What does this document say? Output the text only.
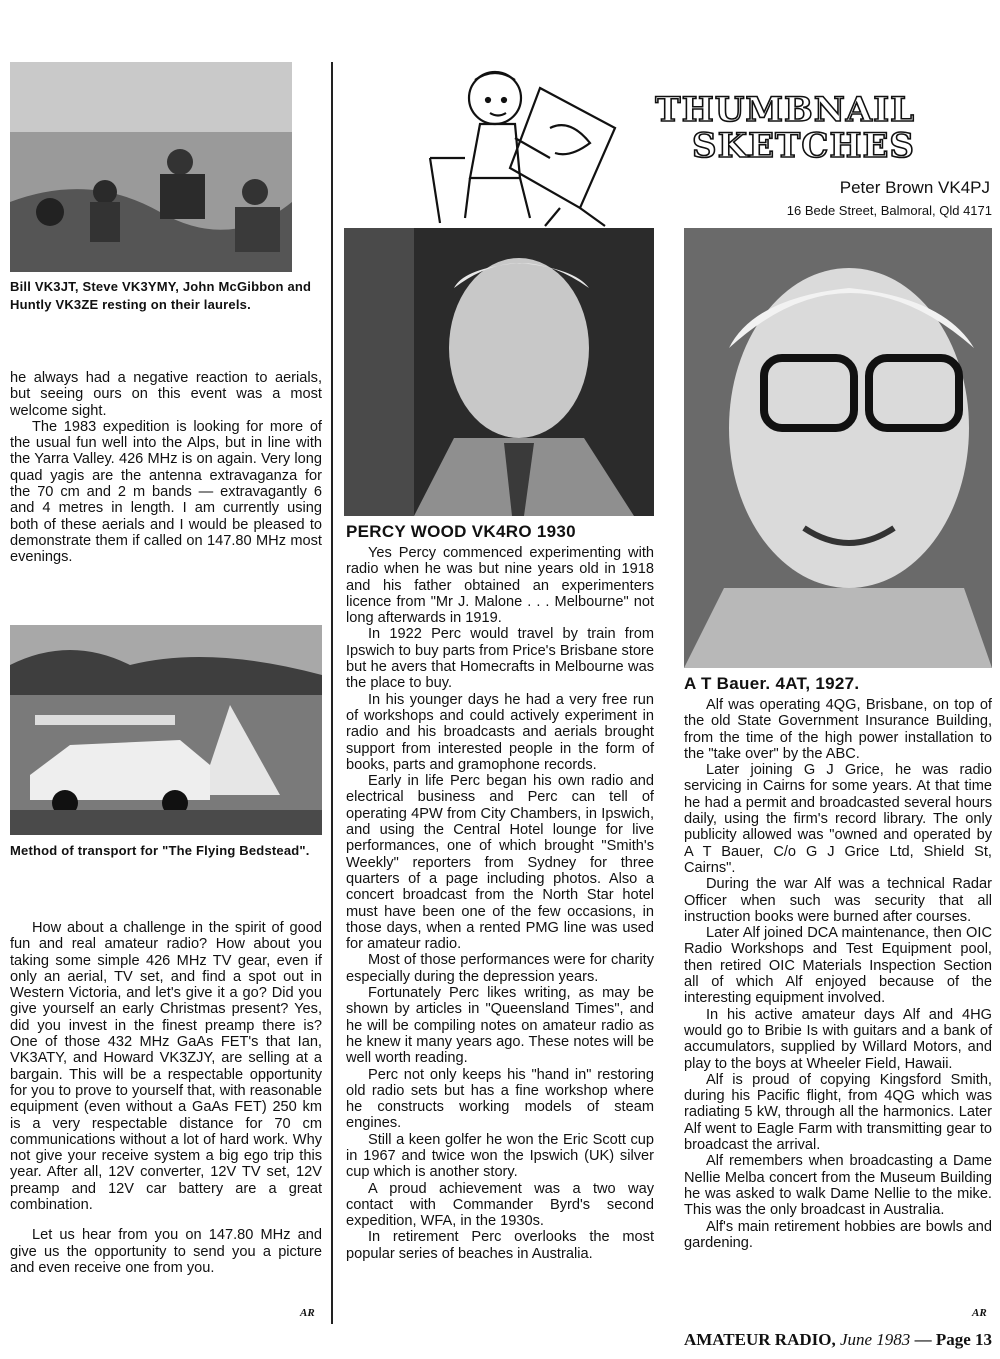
Bill VK3JT, Steve VK3YMY, John McGibbon and Huntly VK3ZE resting on their laurels.

he always had a negative reaction to aerials, but seeing ours on this event was a most welcome sight.

The 1983 expedition is looking for more of the usual fun well into the Alps, but in line with the Yarra Valley. 426 MHz is on again. Very long quad yagis are the antenna extravaganza for the 70 cm and 2 m bands — extravagantly 6 and 4 metres in length. I am currently using both of these aerials and I would be pleased to demonstrate them if called on 147.80 MHz most evenings.

Method of transport for "The Flying Bedstead".

How about a challenge in the spirit of good fun and real amateur radio? How about you taking some simple 426 MHz TV gear, even if only an aerial, TV set, and find a spot out in Western Victoria, and let's give it a go? Did you give yourself an early Christmas present? Yes, did you invest in the finest preamp there is? One of those 432 MHz GaAs FET's that Ian, VK3ATY, and Howard VK3ZJY, are selling at a bargain. This will be a respectable opportunity for you to prove to yourself that, with reasonable equipment (even without a GaAs FET) 250 km is a very respectable distance for 70 cm communications without a lot of hard work. Why not give your receive system a big ego trip this year. After all, 12V converter, 12V TV set, 12V preamp and 12V car battery are a great combination.

Let us hear from you on 147.80 MHz and give us the opportunity to send you a picture and even receive one from you.

AR
THUMBNAIL
SKETCHES
Peter Brown VK4PJ
16 Bede Street, Balmoral, Qld 4171
PERCY WOOD VK4RO 1930

Yes Percy commenced experimenting with radio when he was but nine years old in 1918 and his father obtained an experimenters licence from "Mr J. Malone . . . Melbourne" not long afterwards in 1919.

In 1922 Perc would travel by train from Ipswich to buy parts from Price's Brisbane store but he avers that Homecrafts in Melbourne was the place to buy.

In his younger days he had a very free run of workshops and could actively experiment in radio and his broadcasts and aerials brought support from interested people in the form of books, parts and gramophone records.

Early in life Perc began his own radio and electrical business and Perc can tell of operating 4PW from City Chambers, in Ipswich, and using the Central Hotel lounge for live performances, one of which brought "Smith's Weekly" reporters from Sydney for three quarters of a page including photos. Also a concert broadcast from the North Star hotel must have been one of the few occasions, in those days, when a rented PMG line was used for amateur radio.

Most of those performances were for charity especially during the depression years.

Fortunately Perc likes writing, as may be shown by articles in "Queensland Times", and he will be compiling notes on amateur radio as he knew it many years ago. These notes will be well worth reading.

Perc not only keeps his "hand in" restoring old radio sets but has a fine workshop where he constructs working models of steam engines.

Still a keen golfer he won the Eric Scott cup in 1967 and twice won the Ipswich (UK) silver cup which is another story.

A proud achievement was a two way contact with Commander Byrd's second expedition, WFA, in the 1930s.

In retirement Perc overlooks the most popular series of beaches in Australia.

A T Bauer. 4AT, 1927.

Alf was operating 4QG, Brisbane, on top of the old State Government Insurance Building, from the time of the high power installation to the "take over" by the ABC.

Later joining G J Grice, he was radio servicing in Cairns for some years. At that time he had a permit and broadcasted several hours daily, using the firm's record library. The only publicity allowed was "owned and operated by A T Bauer, C/o G J Grice Ltd, Shield St, Cairns".

During the war Alf was a technical Radar Officer when such was security that all instruction books were burned after courses.

Later Alf joined DCA maintenance, then OIC Radio Workshops and Test Equipment pool, then retired OIC Materials Inspection Section all of which Alf enjoyed because of the interesting equipment involved.

In his active amateur days Alf and 4HG would go to Bribie Is with guitars and a bank of accumulators, supplied by Willard Motors, and play to the boys at Wheeler Field, Hawaii.

Alf is proud of copying Kingsford Smith, during his Pacific flight, from 4QG which was radiating 5 kW, through all the harmonics. Later Alf went to Eagle Farm with transmitting gear to broadcast the arrival.

Alf remembers when broadcasting a Dame Nellie Melba concert from the Museum Building he was asked to walk Dame Nellie to the mike. This was the only broadcast in Australia.

Alf's main retirement hobbies are bowls and gardening.

AR
AMATEUR RADIO, June 1983 — Page 13
